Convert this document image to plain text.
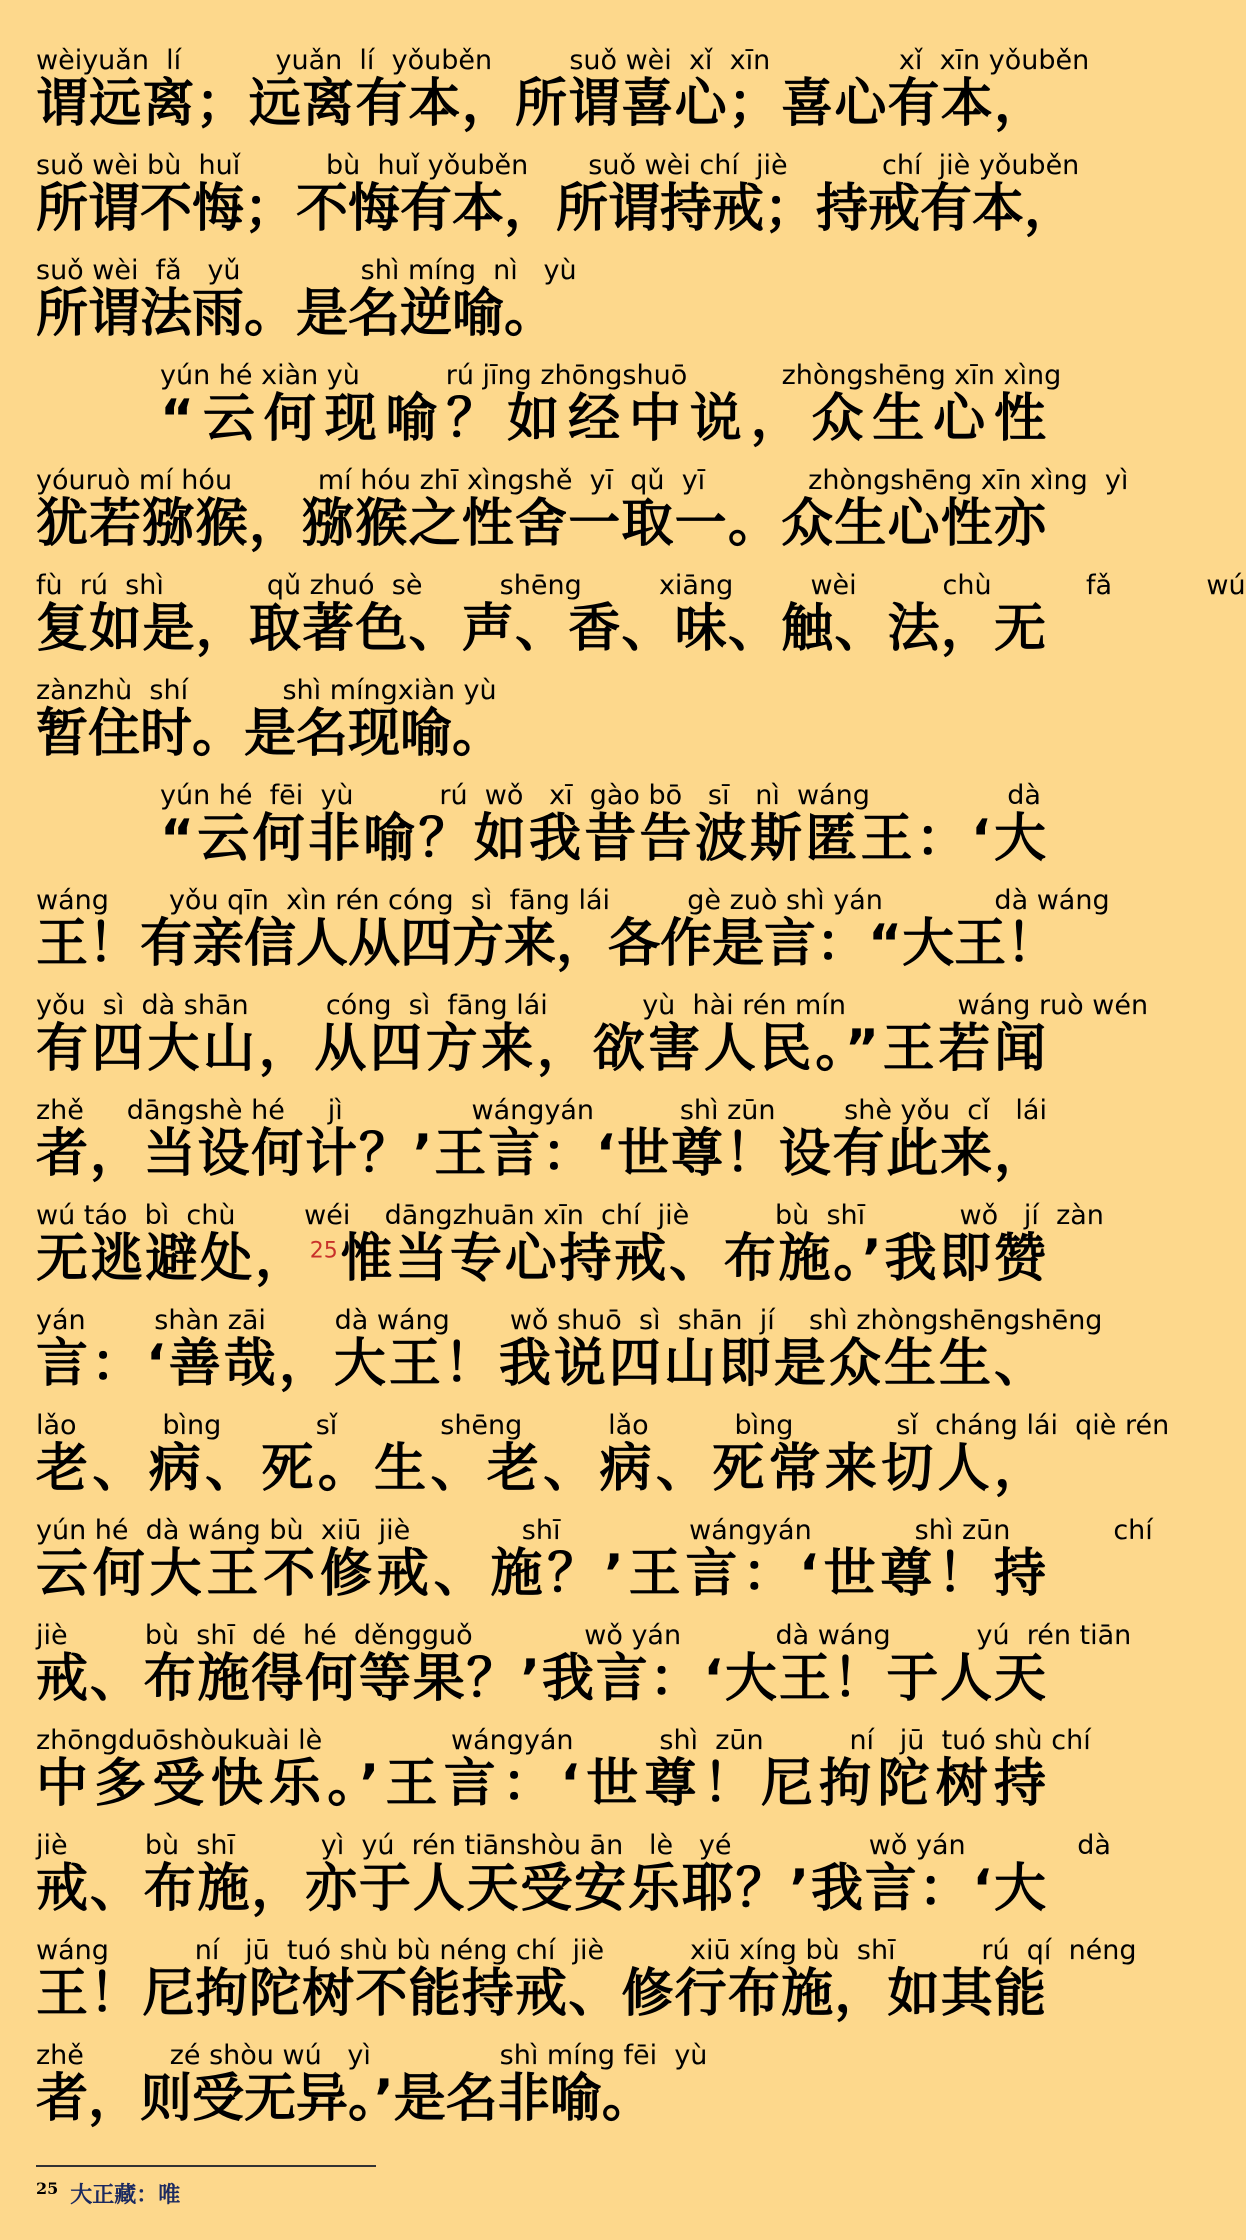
wèiyuǎn  lí           yuǎn  lí  yǒuběn         suǒ wèi  xǐ  xīn               xǐ  xīn yǒuběn
谓远离；远离有本，所谓喜心；喜心有本，
suǒ wèi bù  huǐ          bù  huǐ yǒuběn       suǒ wèi chí  jiè           chí  jiè yǒuběn
所谓不悔；不悔有本，所谓持戒；持戒有本，
suǒ wèi  fǎ   yǔ              shì míng  nì   yù
所谓法雨。是名逆喻。
yún hé xiàn yù          rú jīng zhōngshuō           zhòngshēng xīn xìng
“云何现喻？如经中说，众生心性
yóuruò mí hóu          mí hóu zhī xìngshě  yī  qǔ  yī            zhòngshēng xīn xìng  yì
犹若猕猴，猕猴之性舍一取一。众生心性亦
fù  rú  shì            qǔ zhuó  sè         shēng         xiāng         wèi          chù           fǎ           wú
复如是，取著色、声、香、味、触、法，无
zànzhù  shí           shì míngxiàn yù
暂住时。是名现喻。
yún hé  fēi  yù          rú  wǒ   xī  gào bō   sī   nì  wáng                dà
“云何非喻？如我昔告波斯匿王：‘大
wáng       yǒu qīn  xìn rén cóng  sì  fāng lái         gè zuò shì yán             dà wáng
王！有亲信人从四方来，各作是言：“大王！
yǒu  sì  dà shān         cóng  sì  fāng lái           yù  hài rén mín             wáng ruò wén
有四大山，从四方来，欲害人民。”王若闻
zhě     dāngshè hé     jì               wángyán          shì zūn        shè yǒu  cǐ   lái
者，当设何计？’王言：‘世尊！设有此来，
wú táo  bì  chù        wéi    dāngzhuān xīn  chí  jiè          bù  shī           wǒ   jí  zàn
无逃避处，$^{25}$惟当专心持戒、布施。’我即赞
yán        shàn zāi        dà wáng       wǒ shuō  sì  shān  jí    shì zhòngshēngshēng
言：‘善哉，大王！我说四山即是众生生、
lǎo          bìng           sǐ            shēng          lǎo          bìng            sǐ  cháng lái  qiè rén
老、病、死。生、老、病、死常来切人，
yún hé  dà wáng bù  xiū  jiè             shī               wángyán            shì zūn            chí
云何大王不修戒、施？’王言：‘世尊！持
jiè         bù  shī  dé  hé  děngguǒ             wǒ yán           dà wáng          yú  rén tiān
戒、布施得何等果？’我言：‘大王！于人天
zhōngduōshòukuài lè               wángyán          shì  zūn          ní   jū  tuó shù chí
中多受快乐。’王言：‘世尊！尼拘陀树持
jiè         bù  shī          yì  yú  rén tiānshòu ān   lè   yé                wǒ yán             dà
戒、布施，亦于人天受安乐耶？’我言：‘大
wáng          ní   jū  tuó shù bù néng chí  jiè          xiū xíng bù  shī          rú  qí  néng
王！尼拘陀树不能持戒、修行布施，如其能
zhě          zé shòu wú   yì               shì míng fēi  yù
者，则受无异。’是名非喻。
$^{25}$ 大正藏：唯
